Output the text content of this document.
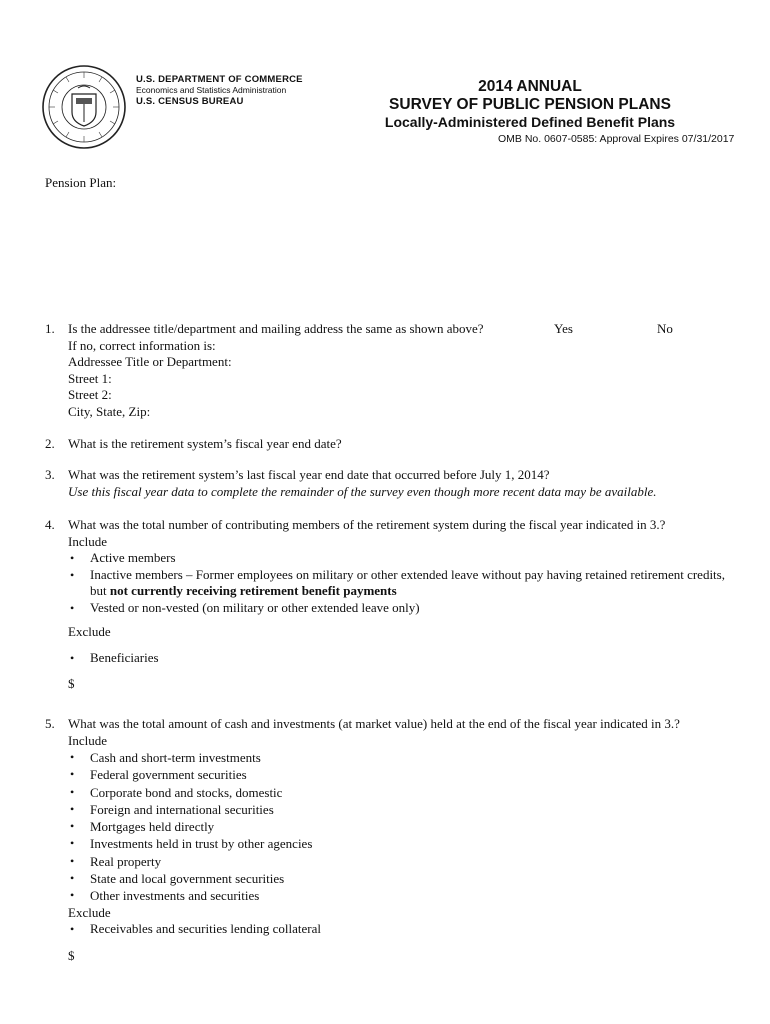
U.S. DEPARTMENT OF COMMERCE
Economics and Statistics Administration
U.S. CENSUS BUREAU
2014 ANNUAL
SURVEY OF PUBLIC PENSION PLANS
Locally-Administered Defined Benefit Plans
OMB No. 0607-0585: Approval Expires 07/31/2017
Pension Plan:
1.	Is the addressee title/department and mailing address the same as shown above?	Yes	No
If no, correct information is:
Addressee Title or Department:
Street 1:
Street 2:
City, State, Zip:
2.	What is the retirement system’s fiscal year end date?
3.	What was the retirement system’s last fiscal year end date that occurred before July 1, 2014?
Use this fiscal year data to complete the remainder of the survey even though more recent data may be available.
4.	What was the total number of contributing members of the retirement system during the fiscal year indicated in 3.?
Include
• Active members
• Inactive members – Former employees on military or other extended leave without pay having retained retirement credits, but not currently receiving retirement benefit payments
• Vested or non-vested (on military or other extended leave only)
Exclude
• Beneficiaries
$
5.	What was the total amount of cash and investments (at market value) held at the end of the fiscal year indicated in 3.?
Include
• Cash and short-term investments
• Federal government securities
• Corporate bond and stocks, domestic
• Foreign and international securities
• Mortgages held directly
• Investments held in trust by other agencies
• Real property
• State and local government securities
• Other investments and securities
Exclude
• Receivables and securities lending collateral
$
